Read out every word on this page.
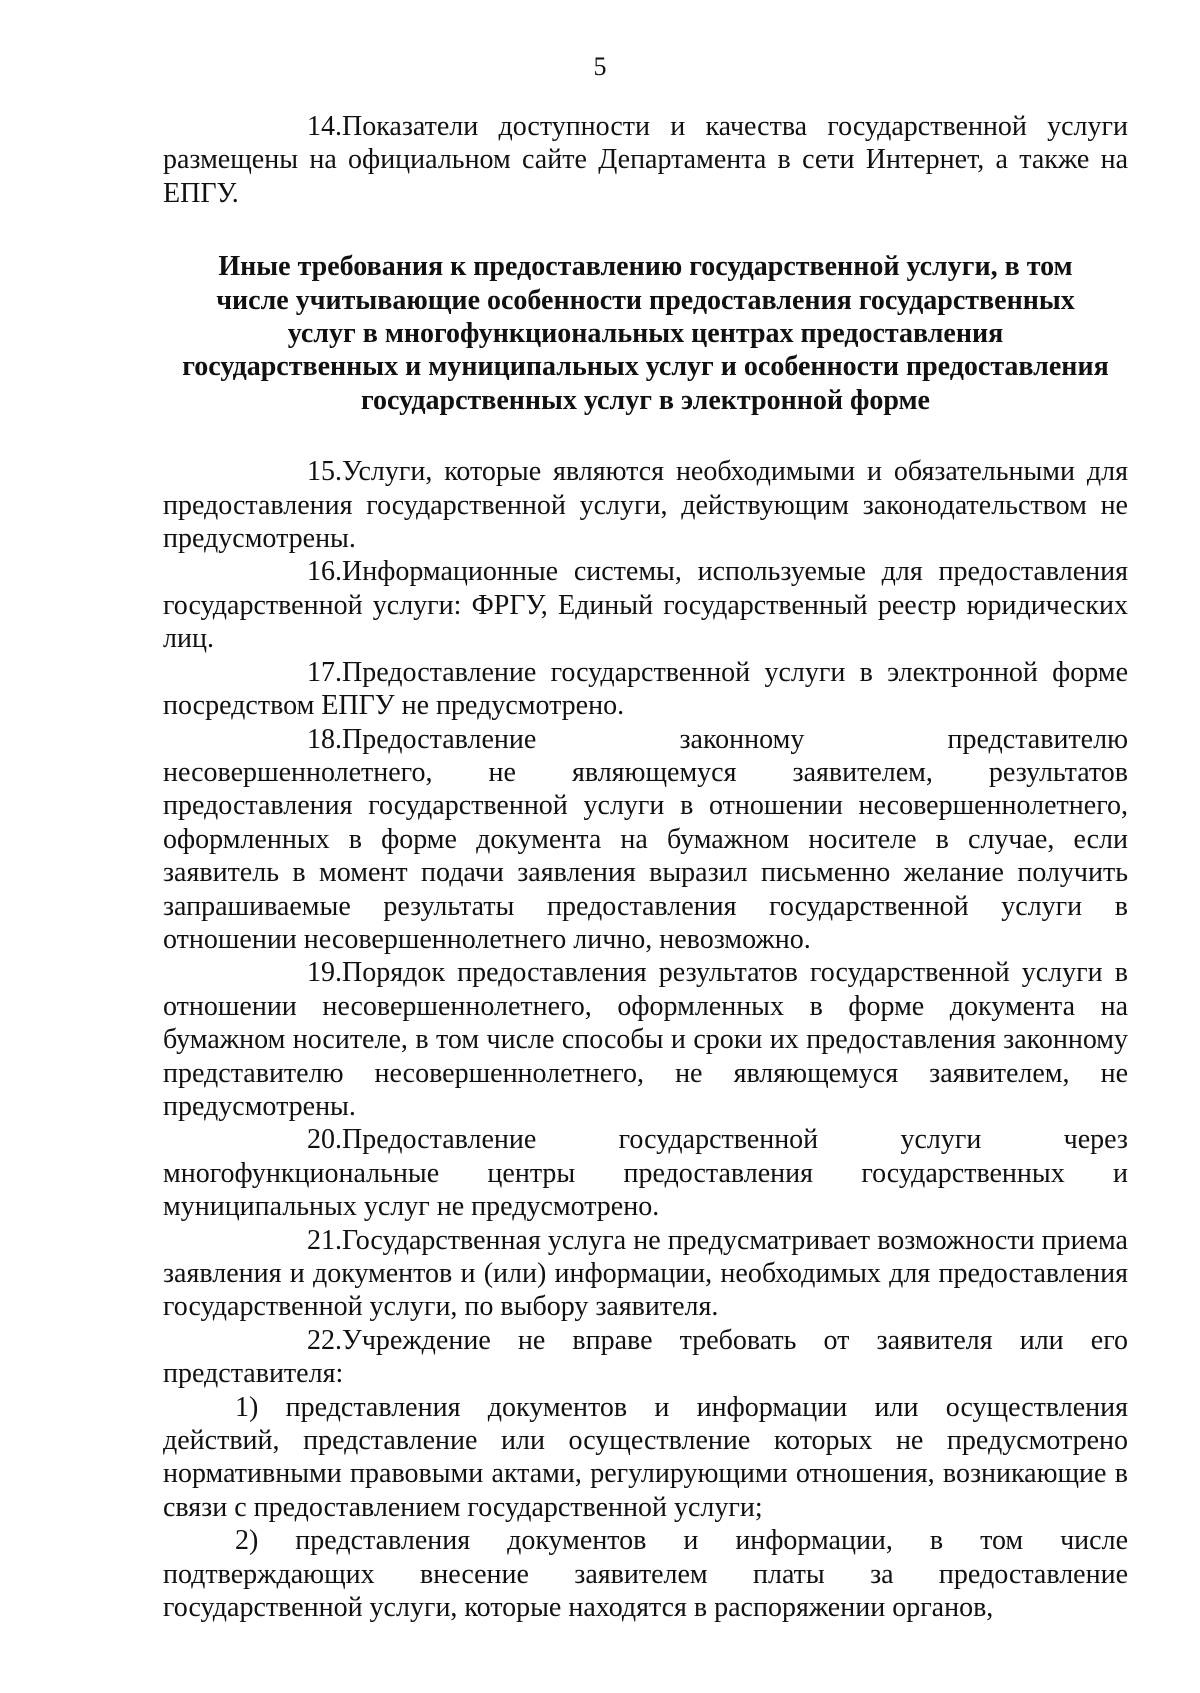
5

14.Показатели доступности и качества государственной услуги размещены на официальном сайте Департамента в сети Интернет, а также на ЕПГУ.

Иные требования к предоставлению государственной услуги, в том
числе учитывающие особенности предоставления государственных
услуг в многофункциональных центрах предоставления
государственных и муниципальных услуг и особенности предоставления
государственных услуг в электронной форме

15.Услуги, которые являются необходимыми и обязательными для предоставления государственной услуги, действующим законодательством не предусмотрены.

16.Информационные системы, используемые для предоставления государственной услуги: ФРГУ, Единый государственный реестр юридических лиц.

17.Предоставление государственной услуги в электронной форме посредством ЕПГУ не предусмотрено.

18.Предоставление законному представителю несовершеннолетнего, не являющемуся заявителем, результатов предоставления государственной услуги в отношении несовершеннолетнего, оформленных в форме документа на бумажном носителе в случае, если заявитель в момент подачи заявления выразил письменно желание получить запрашиваемые результаты предоставления государственной услуги в отношении несовершеннолетнего лично, невозможно.

19.Порядок предоставления результатов государственной услуги в отношении несовершеннолетнего, оформленных в форме документа на бумажном носителе, в том числе способы и сроки их предоставления законному представителю несовершеннолетнего, не являющемуся заявителем, не предусмотрены.

20.Предоставление государственной услуги через многофункциональные центры предоставления государственных и муниципальных услуг не предусмотрено.

21.Государственная услуга не предусматривает возможности приема заявления и документов и (или) информации, необходимых для предоставления государственной услуги, по выбору заявителя.

22.Учреждение не вправе требовать от заявителя или его представителя:

1) представления документов и информации или осуществления действий, представление или осуществление которых не предусмотрено нормативными правовыми актами, регулирующими отношения, возникающие в связи с предоставлением государственной услуги;

2) представления документов и информации, в том числе подтверждающих внесение заявителем платы за предоставление государственной услуги, которые находятся в распоряжении органов,
